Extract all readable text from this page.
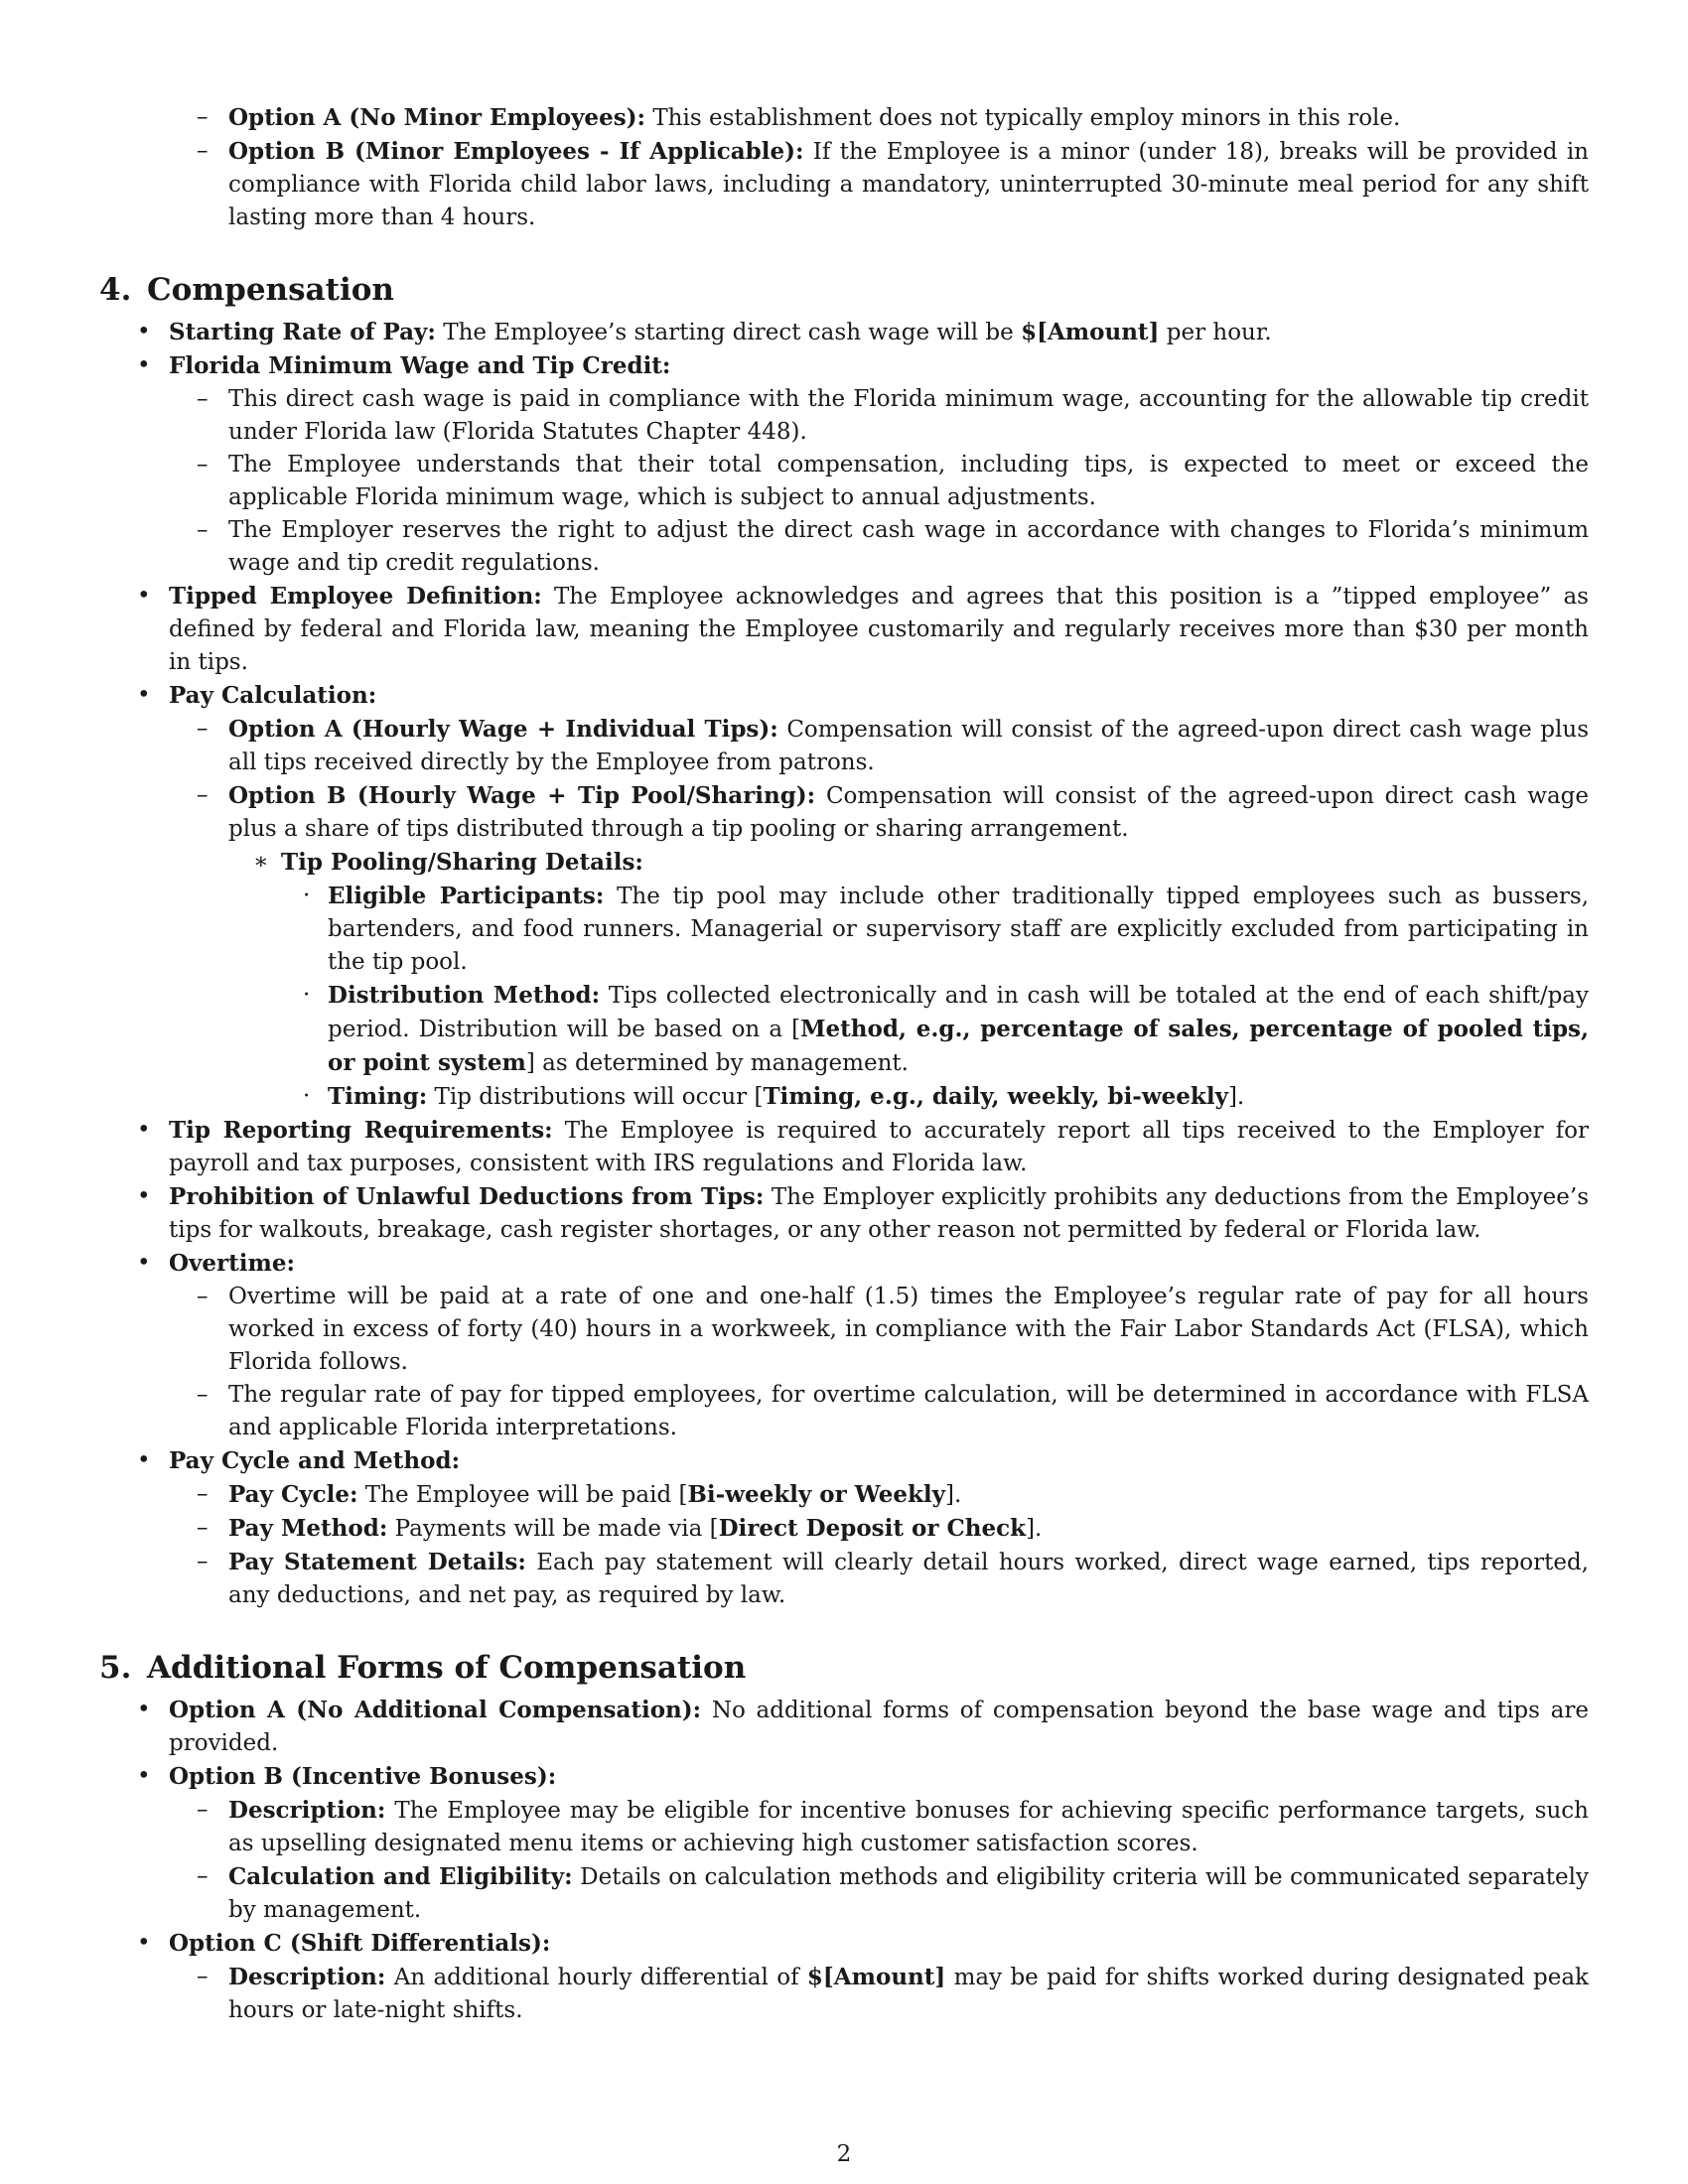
– Option A (No Minor Employees): This establishment does not typically employ minors in this role.
– Option B (Minor Employees - If Applicable): If the Employee is a minor (under 18), breaks will be provided in compliance with Florida child labor laws, including a mandatory, uninterrupted 30-minute meal period for any shift lasting more than 4 hours.
4. Compensation
• Starting Rate of Pay: The Employee’s starting direct cash wage will be $[Amount] per hour.
• Florida Minimum Wage and Tip Credit:
– This direct cash wage is paid in compliance with the Florida minimum wage, accounting for the allowable tip credit under Florida law (Florida Statutes Chapter 448).
– The Employee understands that their total compensation, including tips, is expected to meet or exceed the applicable Florida minimum wage, which is subject to annual adjustments.
– The Employer reserves the right to adjust the direct cash wage in accordance with changes to Florida’s minimum wage and tip credit regulations.
• Tipped Employee Definition: The Employee acknowledges and agrees that this position is a ”tipped employee” as defined by federal and Florida law, meaning the Employee customarily and regularly receives more than $30 per month in tips.
• Pay Calculation:
– Option A (Hourly Wage + Individual Tips): Compensation will consist of the agreed-upon direct cash wage plus all tips received directly by the Employee from patrons.
– Option B (Hourly Wage + Tip Pool/Sharing): Compensation will consist of the agreed-upon direct cash wage plus a share of tips distributed through a tip pooling or sharing arrangement.
∗ Tip Pooling/Sharing Details:
· Eligible Participants: The tip pool may include other traditionally tipped employees such as bussers, bartenders, and food runners. Managerial or supervisory staff are explicitly excluded from participating in the tip pool.
· Distribution Method: Tips collected electronically and in cash will be totaled at the end of each shift/pay period. Distribution will be based on a [Method, e.g., percentage of sales, percentage of pooled tips, or point system] as determined by management.
· Timing: Tip distributions will occur [Timing, e.g., daily, weekly, bi-weekly].
• Tip Reporting Requirements: The Employee is required to accurately report all tips received to the Employer for payroll and tax purposes, consistent with IRS regulations and Florida law.
• Prohibition of Unlawful Deductions from Tips: The Employer explicitly prohibits any deductions from the Employee’s tips for walkouts, breakage, cash register shortages, or any other reason not permitted by federal or Florida law.
• Overtime:
– Overtime will be paid at a rate of one and one-half (1.5) times the Employee’s regular rate of pay for all hours worked in excess of forty (40) hours in a workweek, in compliance with the Fair Labor Standards Act (FLSA), which Florida follows.
– The regular rate of pay for tipped employees, for overtime calculation, will be determined in accordance with FLSA and applicable Florida interpretations.
• Pay Cycle and Method:
– Pay Cycle: The Employee will be paid [Bi-weekly or Weekly].
– Pay Method: Payments will be made via [Direct Deposit or Check].
– Pay Statement Details: Each pay statement will clearly detail hours worked, direct wage earned, tips reported, any deductions, and net pay, as required by law.
5. Additional Forms of Compensation
• Option A (No Additional Compensation): No additional forms of compensation beyond the base wage and tips are provided.
• Option B (Incentive Bonuses):
– Description: The Employee may be eligible for incentive bonuses for achieving specific performance targets, such as upselling designated menu items or achieving high customer satisfaction scores.
– Calculation and Eligibility: Details on calculation methods and eligibility criteria will be communicated separately by management.
• Option C (Shift Differentials):
– Description: An additional hourly differential of $[Amount] may be paid for shifts worked during designated peak hours or late-night shifts.
2
